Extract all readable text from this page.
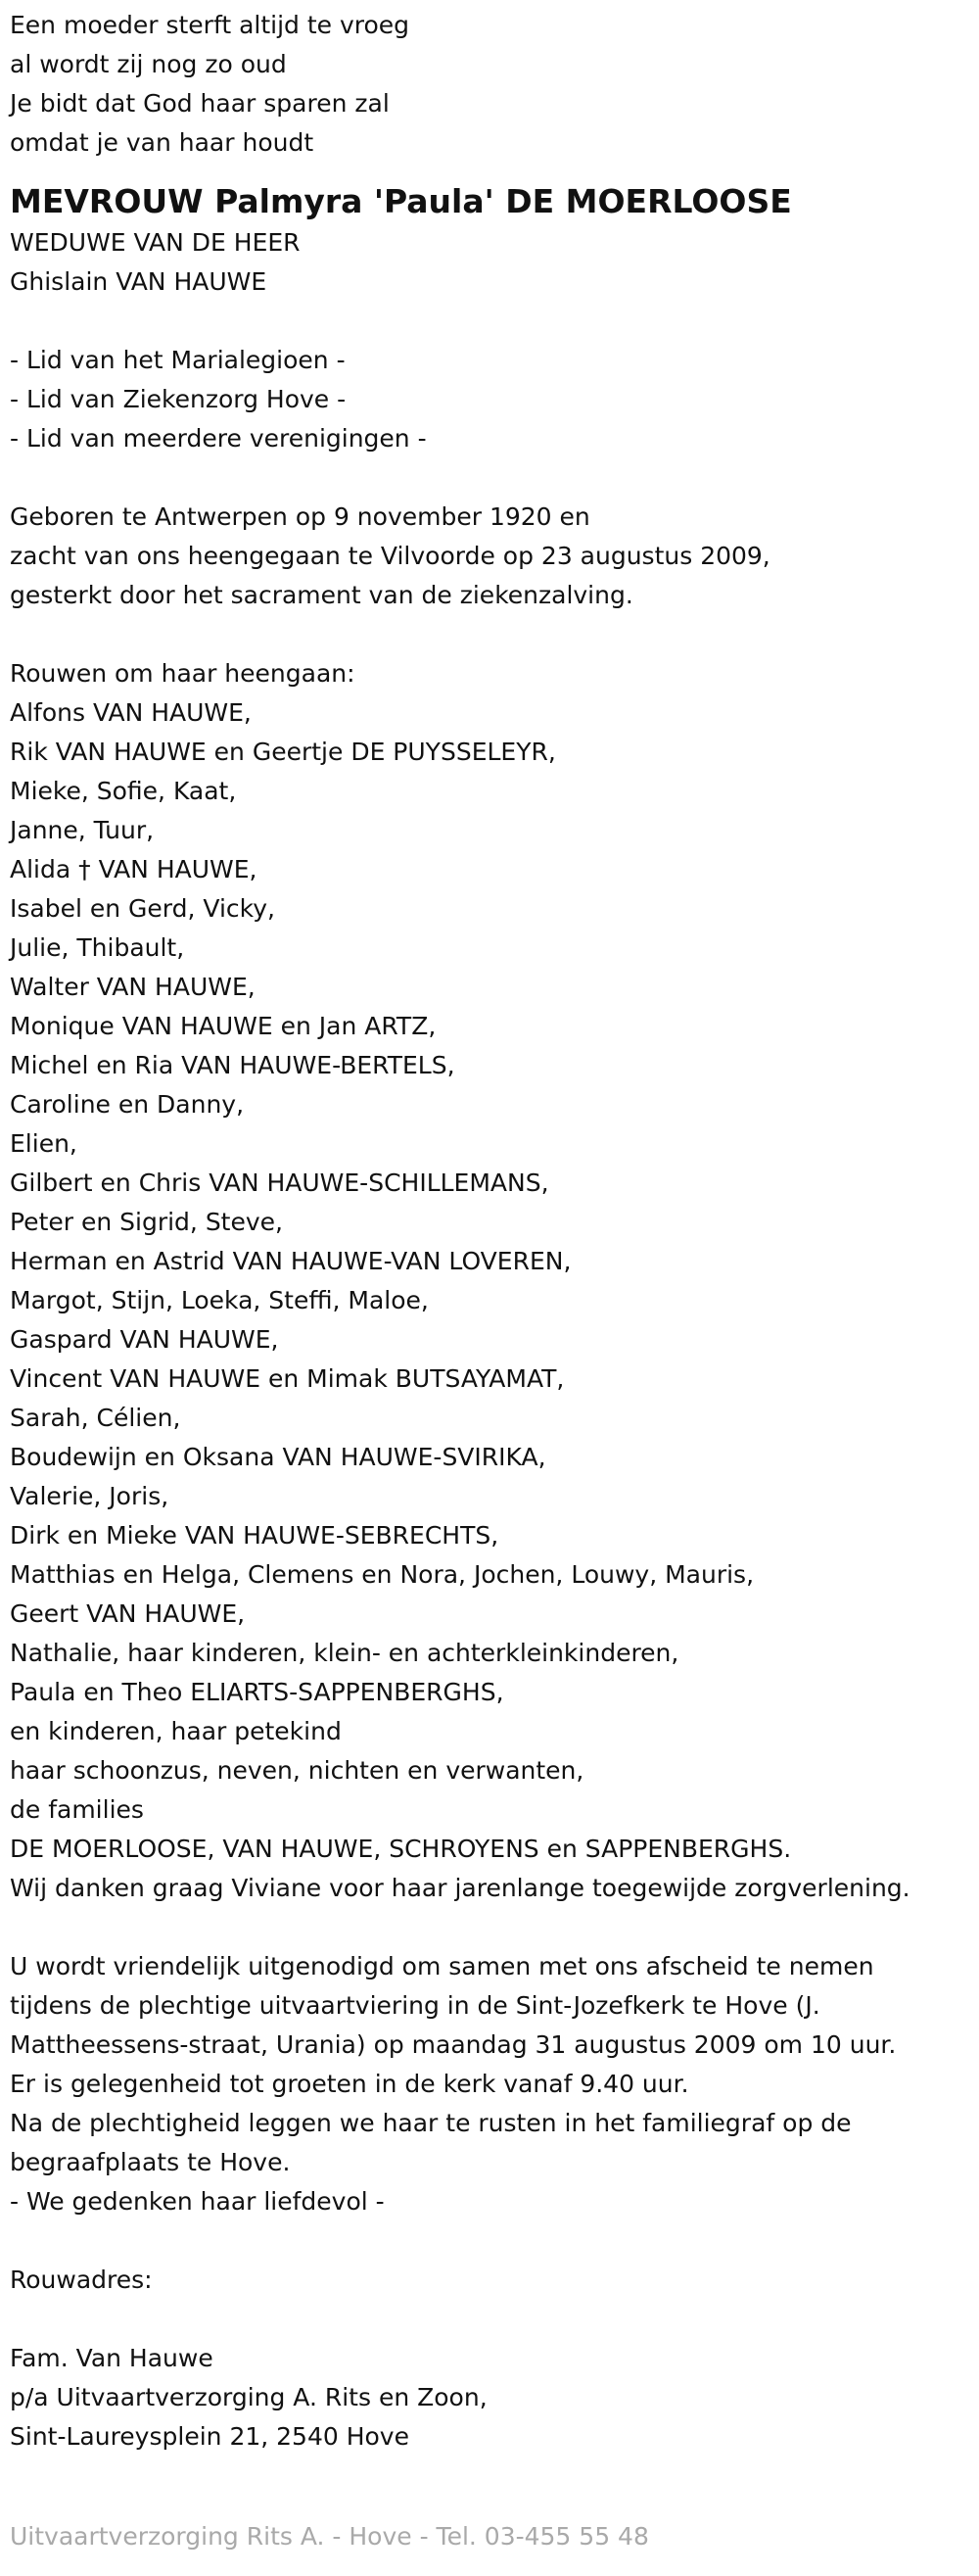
Een moeder sterft altijd te vroeg

al wordt zij nog zo oud

Je bidt dat God haar sparen zal

omdat je van haar houdt

MEVROUW Palmyra 'Paula' DE MOERLOOSE

WEDUWE VAN DE HEER

Ghislain VAN HAUWE

- Lid van het Marialegioen -

- Lid van Ziekenzorg Hove -

- Lid van meerdere verenigingen -

Geboren te Antwerpen op 9 november 1920 en

zacht van ons heengegaan te Vilvoorde op 23 augustus 2009,

gesterkt door het sacrament van de ziekenzalving.

Rouwen om haar heengaan:

Alfons VAN HAUWE,

Rik VAN HAUWE en Geertje DE PUYSSELEYR,

Mieke, Sofie, Kaat,

Janne, Tuur,

Alida † VAN HAUWE,

Isabel en Gerd, Vicky,

Julie, Thibault,

Walter VAN HAUWE,

Monique VAN HAUWE en Jan ARTZ,

Michel en Ria VAN HAUWE-BERTELS,

Caroline en Danny,

Elien,

Gilbert en Chris VAN HAUWE-SCHILLEMANS,

Peter en Sigrid, Steve,

Herman en Astrid VAN HAUWE-VAN LOVEREN,

Margot, Stijn, Loeka, Steffi, Maloe,

Gaspard VAN HAUWE,

Vincent VAN HAUWE en Mimak BUTSAYAMAT,

Sarah, Célien,

Boudewijn en Oksana VAN HAUWE-SVIRIKA,

Valerie, Joris,

Dirk en Mieke VAN HAUWE-SEBRECHTS,

Matthias en Helga, Clemens en Nora, Jochen, Louwy, Mauris,

Geert VAN HAUWE,

Nathalie, haar kinderen, klein- en achterkleinkinderen,

Paula en Theo ELIARTS-SAPPENBERGHS,

en kinderen, haar petekind

haar schoonzus, neven, nichten en verwanten,

de families

DE MOERLOOSE, VAN HAUWE, SCHROYENS en SAPPENBERGHS.

Wij danken graag Viviane voor haar jarenlange toegewijde zorgverlening.

U wordt vriendelijk uitgenodigd om samen met ons afscheid te nemen

tijdens de plechtige uitvaartviering in de Sint-Jozefkerk te Hove (J.

Mattheessens-straat, Urania) op maandag 31 augustus 2009 om 10 uur.

Er is gelegenheid tot groeten in de kerk vanaf 9.40 uur.

Na de plechtigheid leggen we haar te rusten in het familiegraf op de

begraafplaats te Hove.

- We gedenken haar liefdevol -

Rouwadres:

Fam. Van Hauwe

p/a Uitvaartverzorging A. Rits en Zoon,

Sint-Laureysplein 21, 2540 Hove

Uitvaartverzorging Rits A. - Hove - Tel. 03-455 55 48
